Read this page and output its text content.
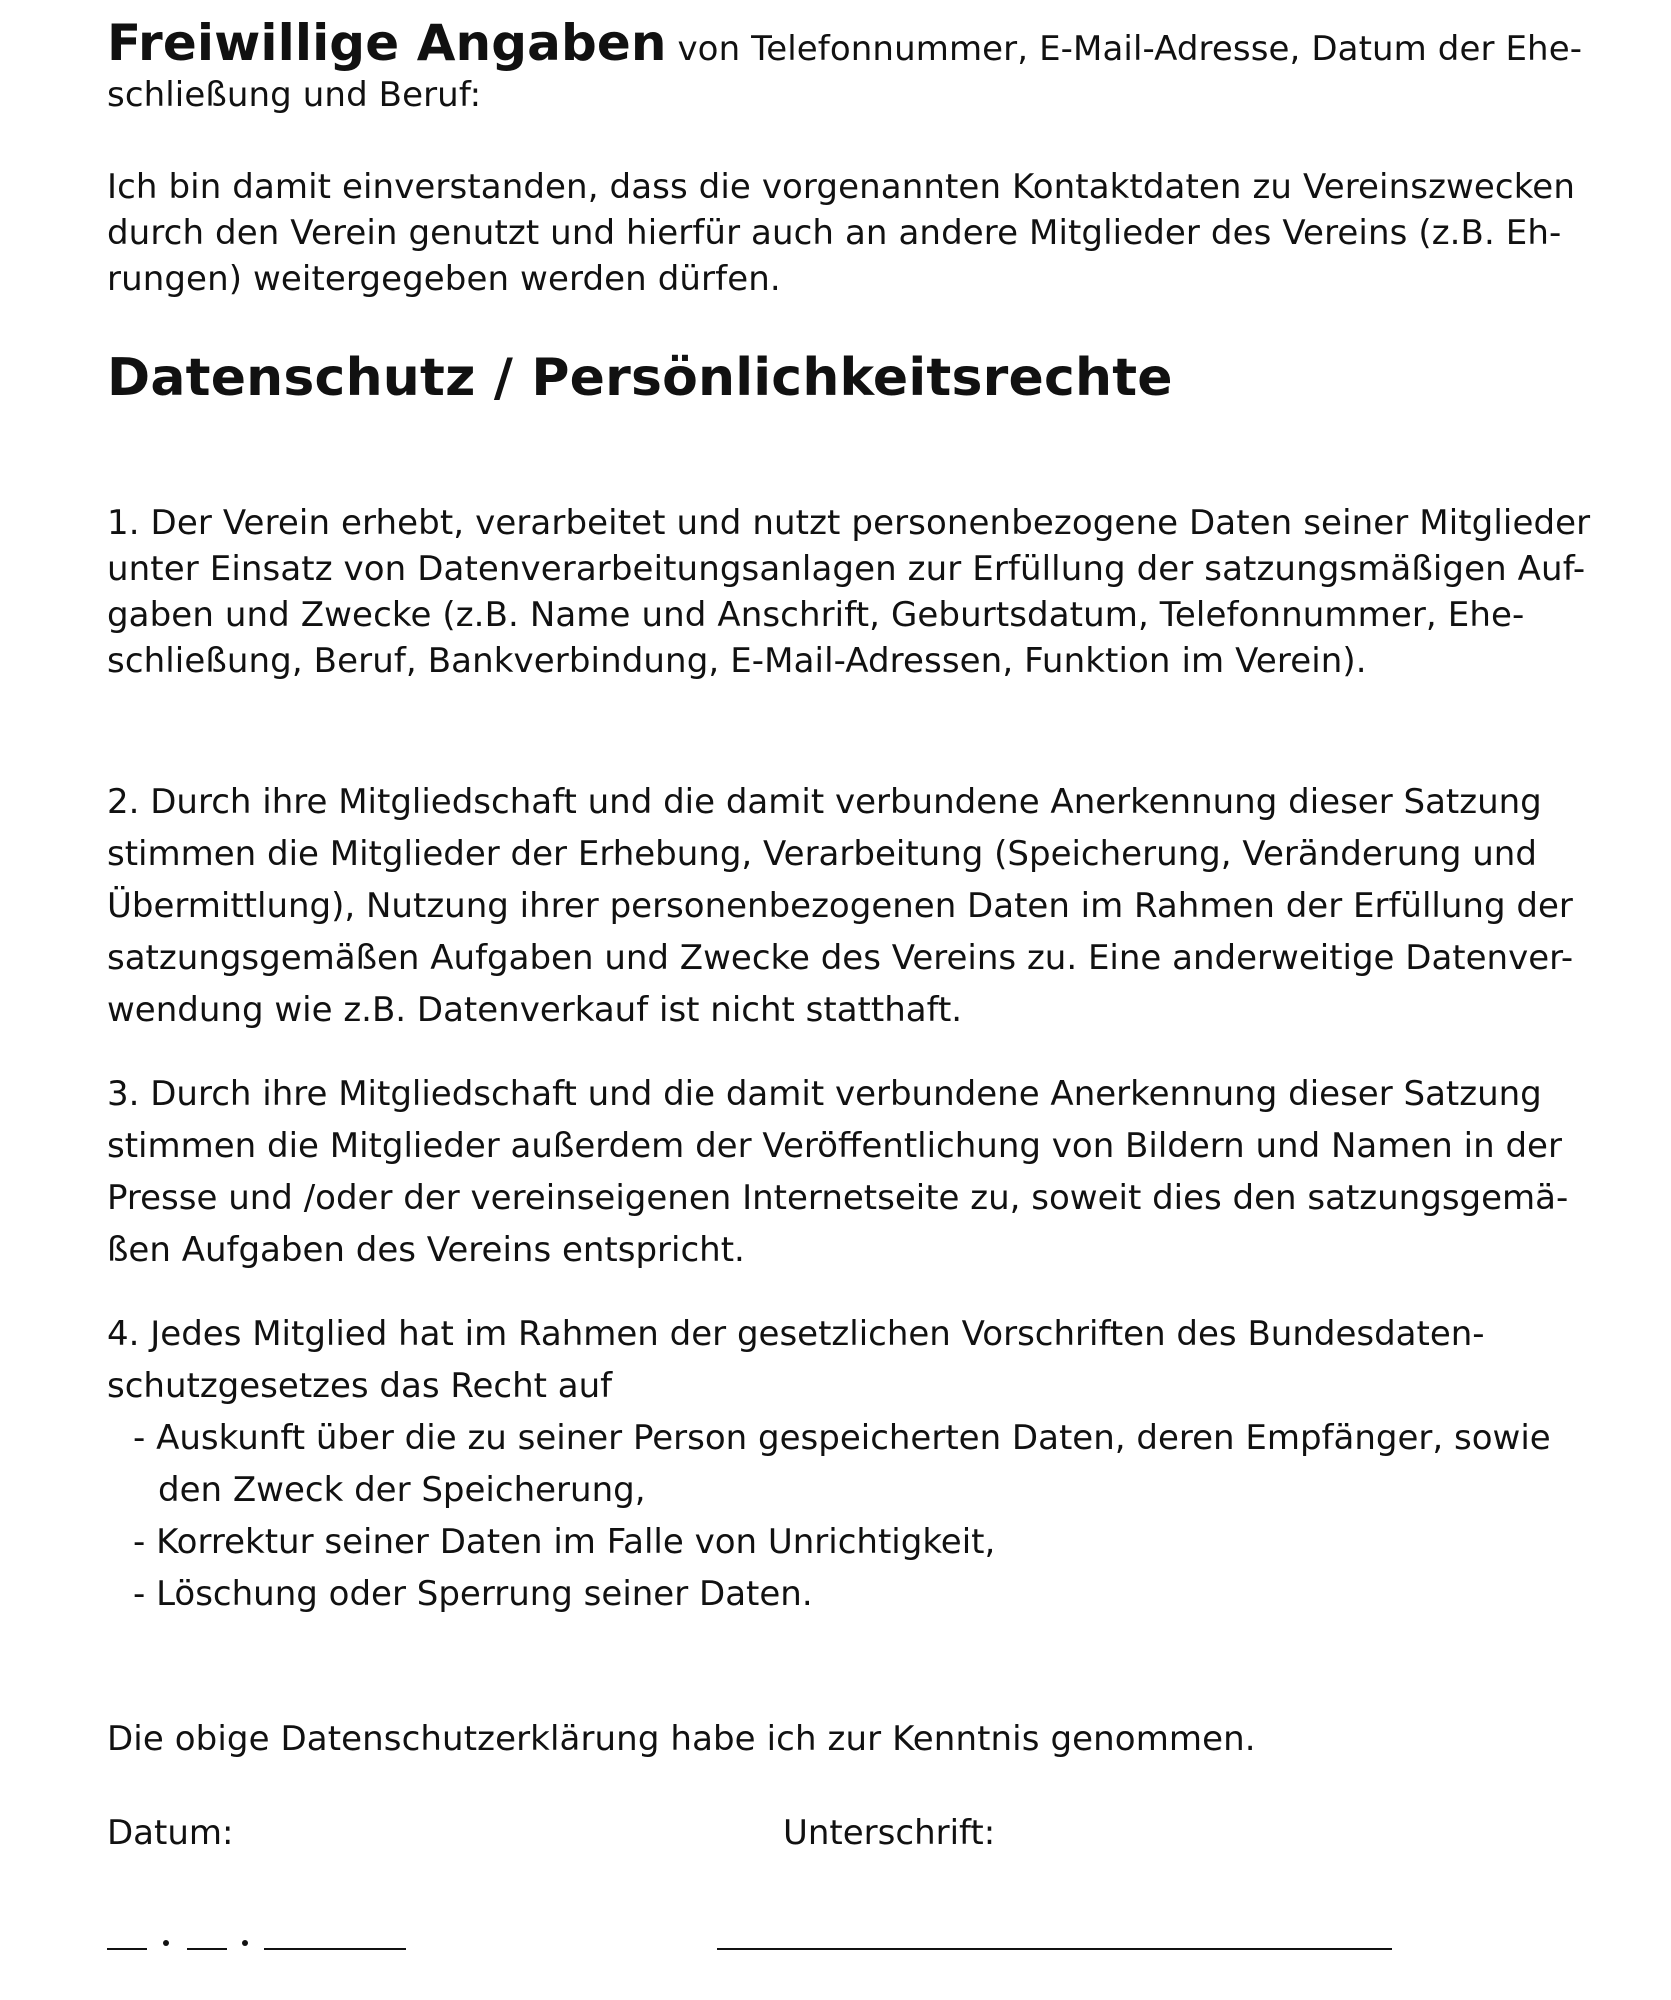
Freiwillige Angaben von Telefonnummer, E-Mail-Adresse, Datum der Ehe-
schließung und Beruf:

Ich bin damit einverstanden, dass die vorgenannten Kontaktdaten zu Vereinszwecken
durch den Verein genutzt und hierfür auch an andere Mitglieder des Vereins (z.B. Eh-
rungen) weitergegeben werden dürfen.

Datenschutz / Persönlichkeitsrechte

1. Der Verein erhebt, verarbeitet und nutzt personenbezogene Daten seiner Mitglieder
unter Einsatz von Datenverarbeitungsanlagen zur Erfüllung der satzungsmäßigen Auf-
gaben und Zwecke (z.B. Name und Anschrift, Geburtsdatum, Telefonnummer, Ehe-
schließung, Beruf, Bankverbindung, E-Mail-Adressen, Funktion im Verein).

2. Durch ihre Mitgliedschaft und die damit verbundene Anerkennung dieser Satzung
stimmen die Mitglieder der Erhebung, Verarbeitung (Speicherung, Veränderung und
Übermittlung), Nutzung ihrer personenbezogenen Daten im Rahmen der Erfüllung der
satzungsgemäßen Aufgaben und Zwecke des Vereins zu. Eine anderweitige Datenver-
wendung wie z.B. Datenverkauf ist nicht statthaft.

3. Durch ihre Mitgliedschaft und die damit verbundene Anerkennung dieser Satzung
stimmen die Mitglieder außerdem der Veröffentlichung von Bildern und Namen in der
Presse und /oder der vereinseigenen Internetseite zu, soweit dies den satzungsgemä-
ßen Aufgaben des Vereins entspricht.

4. Jedes Mitglied hat im Rahmen der gesetzlichen Vorschriften des Bundesdaten-
schutzgesetzes das Recht auf
- Auskunft über die zu seiner Person gespeicherten Daten, deren Empfänger, sowie
den Zweck der Speicherung,
- Korrektur seiner Daten im Falle von Unrichtigkeit,
- Löschung oder Sperrung seiner Daten.

Die obige Datenschutzerklärung habe ich zur Kenntnis genommen.

Datum:	Unterschrift:
